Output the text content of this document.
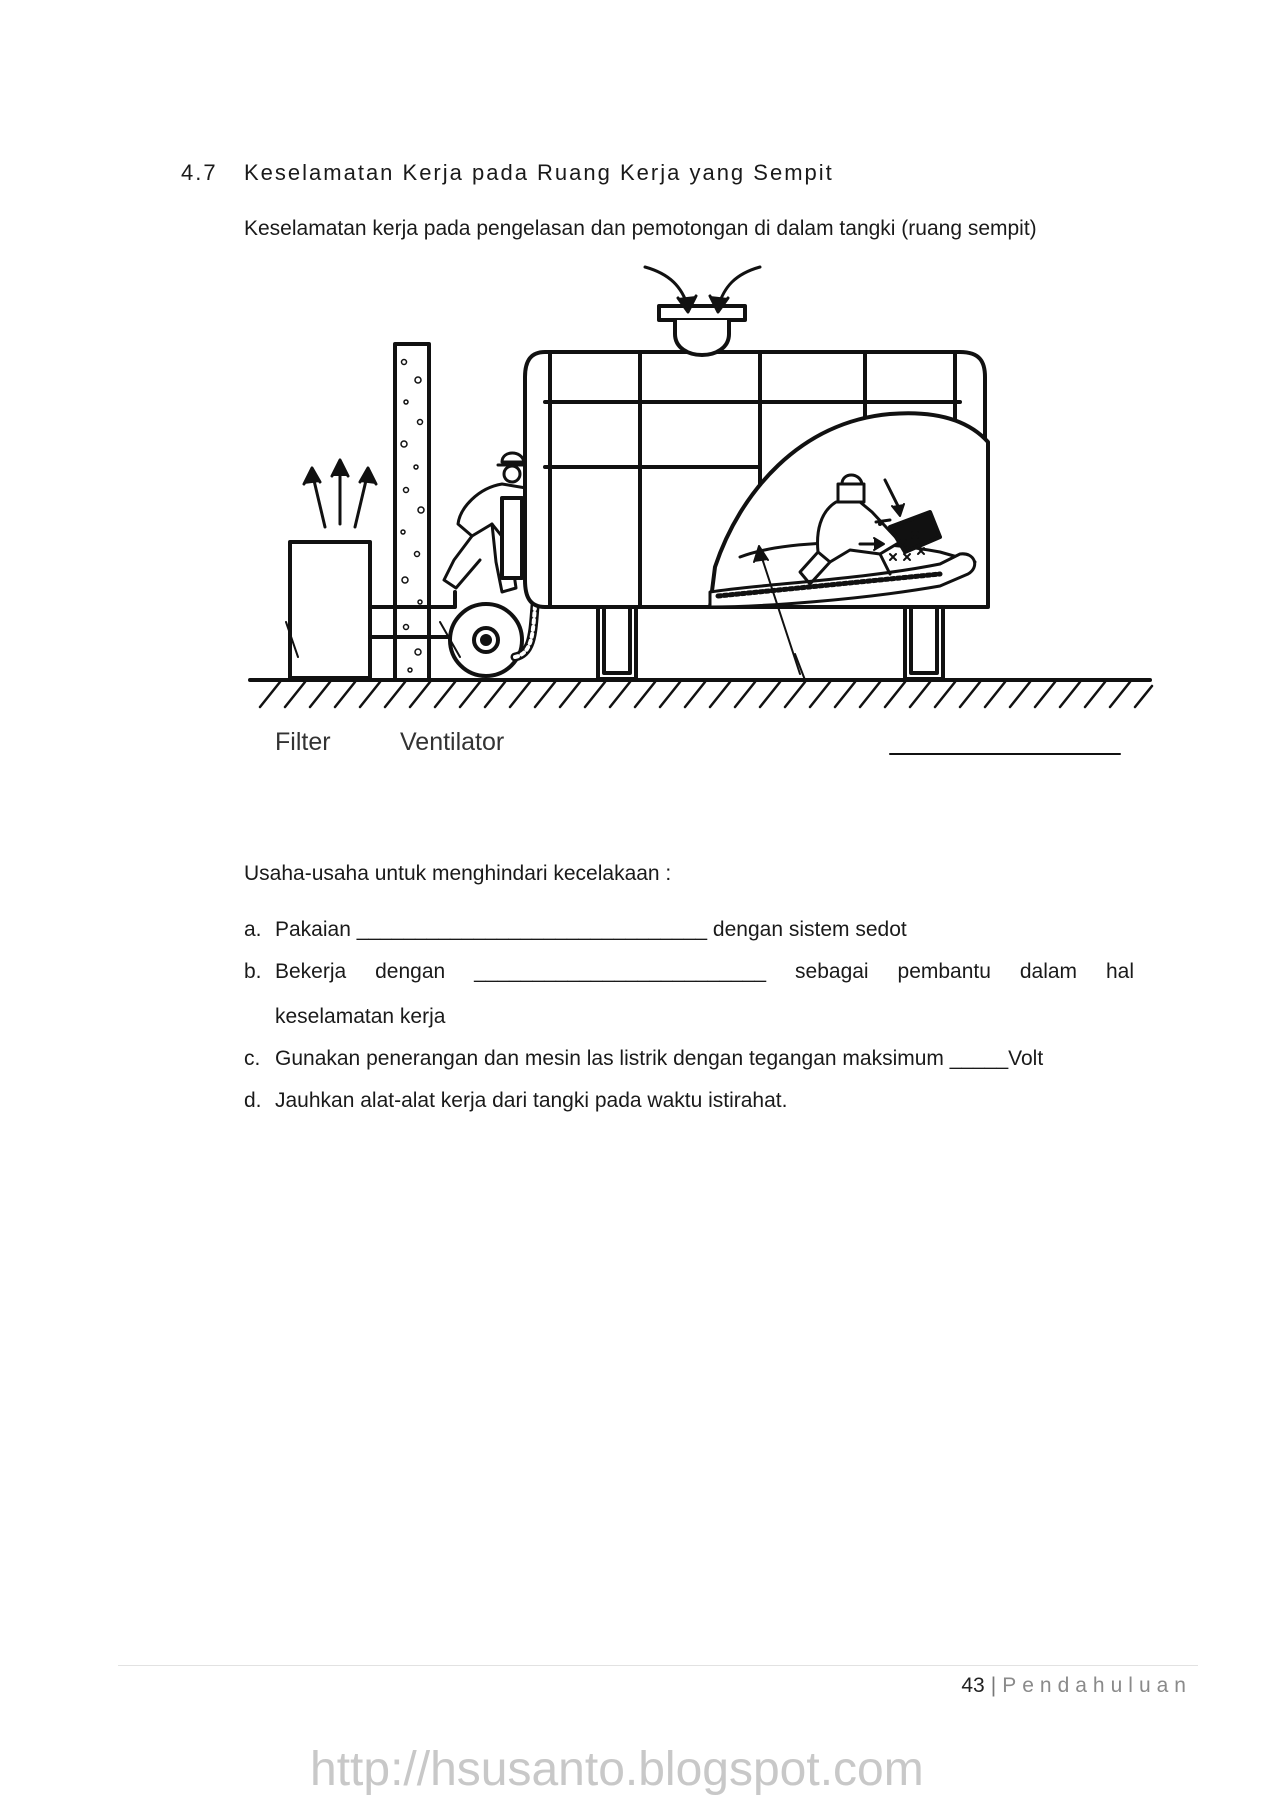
4.7 Keselamatan Kerja pada Ruang Kerja yang Sempit
Keselamatan kerja pada pengelasan dan pemotongan di dalam tangki (ruang sempit)
Filter	Ventilator
Usaha-usaha untuk menghindari kecelakaan :
a. Pakaian ______________________________ dengan sistem sedot
b. Bekerja dengan _________________________ sebagai pembantu dalam hal
keselamatan kerja
c. Gunakan penerangan dan mesin las listrik dengan tegangan maksimum _____Volt
d. Jauhkan alat-alat kerja dari tangki pada waktu istirahat.
43 | Pendahuluan
http://hsusanto.blogspot.com
